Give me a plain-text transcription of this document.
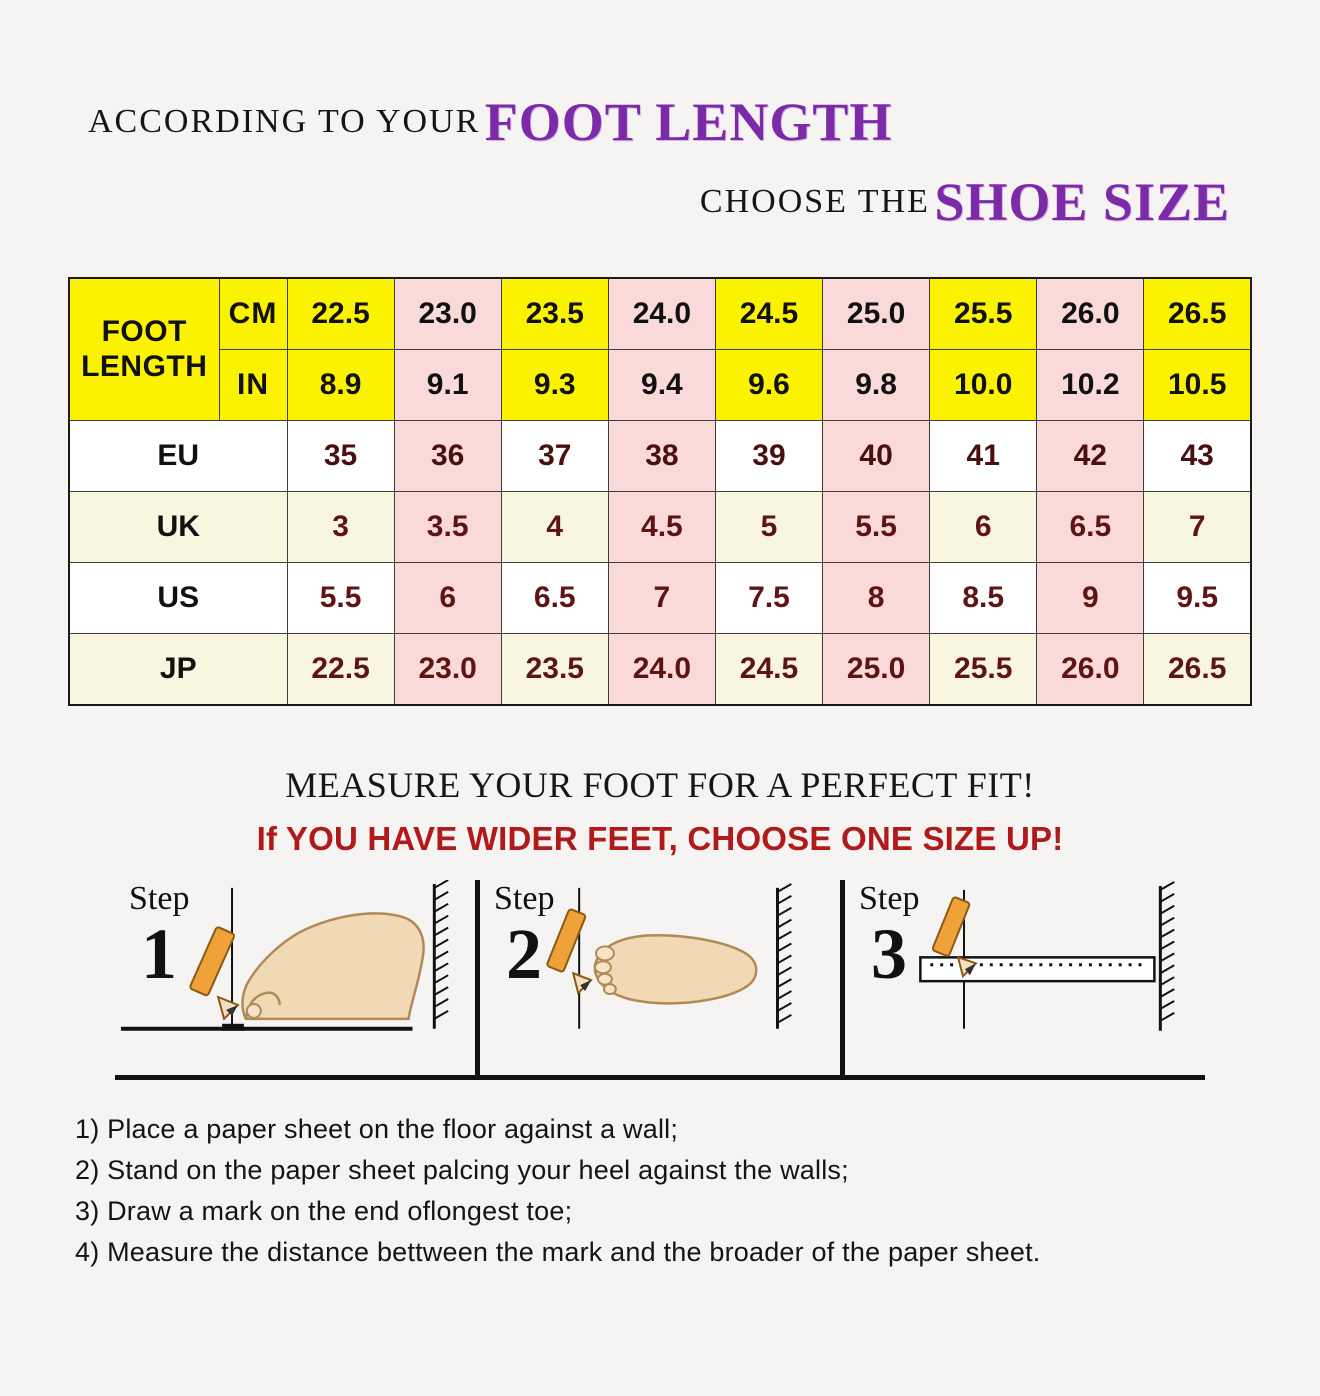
ACCORDING TO YOUR FOOT LENGTH
CHOOSE THE SHOE SIZE
FOOT
LENGTH	CM	22.5	23.0	23.5	24.0	24.5	25.0	25.5	26.0	26.5
	IN	8.9	9.1	9.3	9.4	9.6	9.8	10.0	10.2	10.5
EU		35	36	37	38	39	40	41	42	43
UK		3	3.5	4	4.5	5	5.5	6	6.5	7
US		5.5	6	6.5	7	7.5	8	8.5	9	9.5
JP		22.5	23.0	23.5	24.0	24.5	25.0	25.5	26.0	26.5
MEASURE YOUR FOOT FOR A PERFECT FIT!
If YOU HAVE WIDER FEET, CHOOSE ONE SIZE UP!
Step
1
Step
2
Step
3

1) Place a paper sheet on the floor against a wall;

2) Stand on the paper sheet palcing your heel against the walls;

3) Draw a mark on the end oflongest toe;

4) Measure the distance bettween the mark and the broader of the paper sheet.
